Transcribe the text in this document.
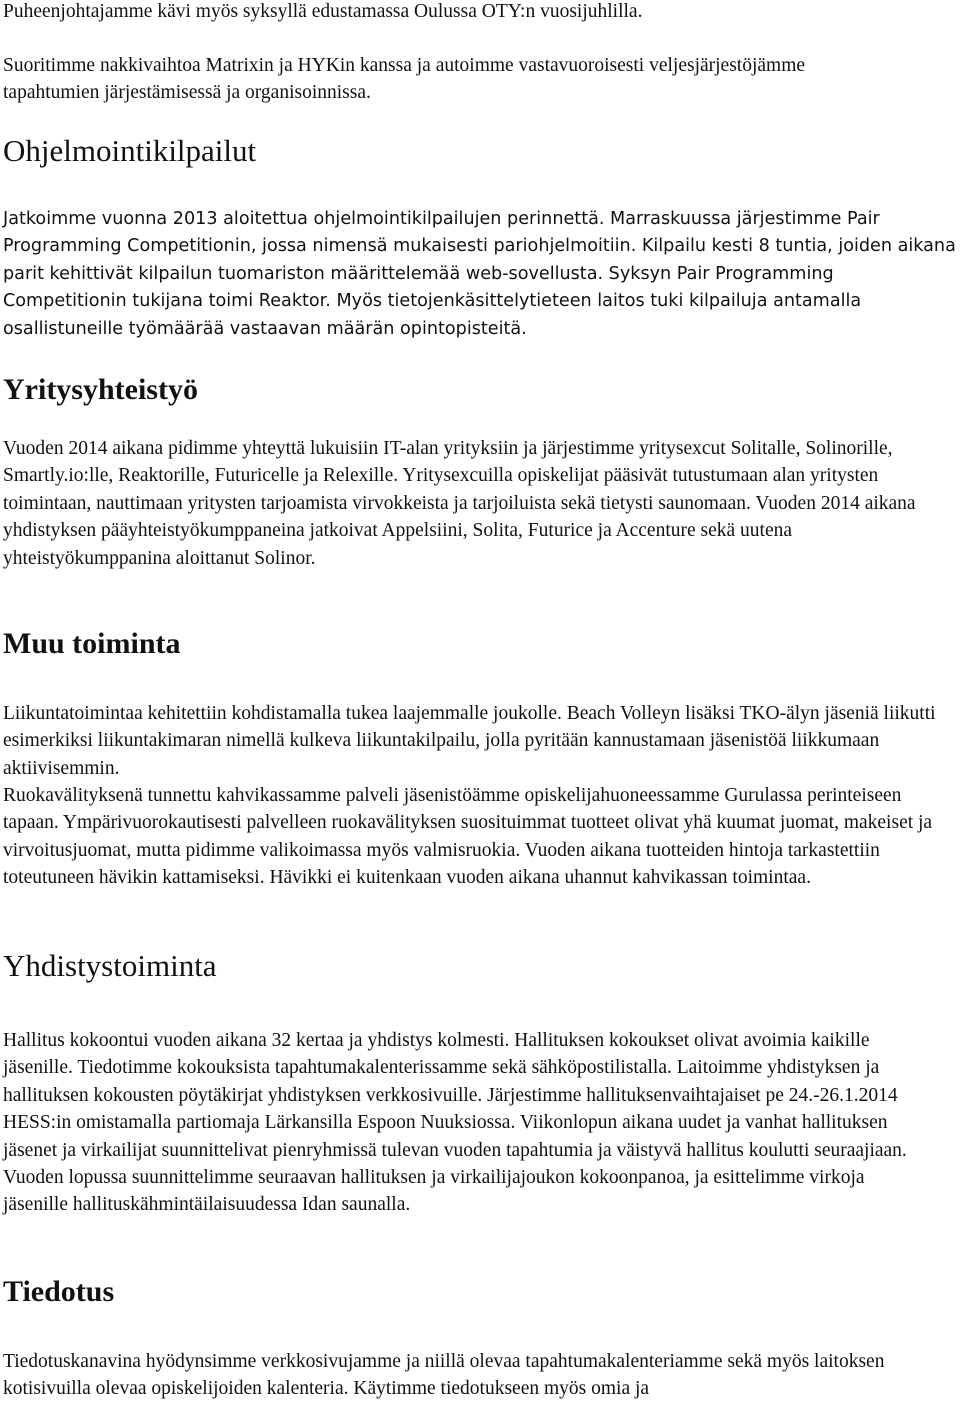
Puheenjohtajamme kävi myös syksyllä edustamassa Oulussa OTY:n vuosijuhlilla.

Suoritimme nakkivaihtoa Matrixin ja HYKin kanssa ja autoimme vastavuoroisesti veljesjärjestöjämme tapahtumien järjestämisessä ja organisoinnissa.

Ohjelmointikilpailut

Jatkoimme vuonna 2013 aloitettua ohjelmointikilpailujen perinnettä. Marraskuussa järjestimme Pair Programming Competitionin, jossa nimensä mukaisesti pariohjelmoitiin. Kilpailu kesti 8 tuntia, joiden aikana parit kehittivät kilpailun tuomariston määrittelemää web-sovellusta. Syksyn Pair Programming Competitionin tukijana toimi Reaktor. Myös tietojenkäsittelytieteen laitos tuki kilpailuja antamalla osallistuneille työmäärää vastaavan määrän opintopisteitä.

Yritysyhteistyö

Vuoden 2014 aikana pidimme yhteyttä lukuisiin IT-alan yrityksiin ja järjestimme yritysexcut Solitalle, Solinorille, Smartly.io:lle, Reaktorille, Futuricelle ja Relexille. Yritysexcuilla opiskelijat pääsivät tutustumaan alan yritysten toimintaan, nauttimaan yritysten tarjoamista virvokkeista ja tarjoiluista sekä tietysti saunomaan. Vuoden 2014 aikana yhdistyksen pääyhteistyökumppaneina jatkoivat Appelsiini, Solita, Futurice ja Accenture sekä uutena yhteistyökumppanina aloittanut Solinor.

Muu toiminta

Liikuntatoimintaa kehitettiin kohdistamalla tukea laajemmalle joukolle. Beach Volleyn lisäksi TKO-älyn jäseniä liikutti esimerkiksi liikuntakimaran nimellä kulkeva liikuntakilpailu, jolla pyritään kannustamaan jäsenistöä liikkumaan aktiivisemmin.

Ruokavälityksenä tunnettu kahvikassamme palveli jäsenistöämme opiskelijahuoneessamme Gurulassa perinteiseen tapaan. Ympärivuorokautisesti palvelleen ruokavälityksen suosituimmat tuotteet olivat yhä kuumat juomat, makeiset ja virvoitusjuomat, mutta pidimme valikoimassa myös valmisruokia. Vuoden aikana tuotteiden hintoja tarkastettiin toteutuneen hävikin kattamiseksi. Hävikki ei kuitenkaan vuoden aikana uhannut kahvikassan toimintaa.

Yhdistystoiminta

Hallitus kokoontui vuoden aikana 32 kertaa ja yhdistys kolmesti. Hallituksen kokoukset olivat avoimia kaikille jäsenille. Tiedotimme kokouksista tapahtumakalenterissamme sekä sähköpostilistalla. Laitoimme yhdistyksen ja hallituksen kokousten pöytäkirjat yhdistyksen verkkosivuille. Järjestimme hallituksenvaihtajaiset pe 24.-26.1.2014 HESS:in omistamalla partiomaja Lärkansilla Espoon Nuuksiossa. Viikonlopun aikana uudet ja vanhat hallituksen jäsenet ja virkailijat suunnittelivat pienryhmissä tulevan vuoden tapahtumia ja väistyvä hallitus koulutti seuraajiaan. Vuoden lopussa suunnittelimme seuraavan hallituksen ja virkailijajoukon kokoonpanoa, ja esittelimme virkoja jäsenille hallituskähmintäilaisuudessa Idan saunalla.

Tiedotus

Tiedotuskanavina hyödynsimme verkkosivujamme ja niillä olevaa tapahtumakalenteriamme sekä myös laitoksen kotisivuilla olevaa opiskelijoiden kalenteria. Käytimme tiedotukseen myös omia ja
